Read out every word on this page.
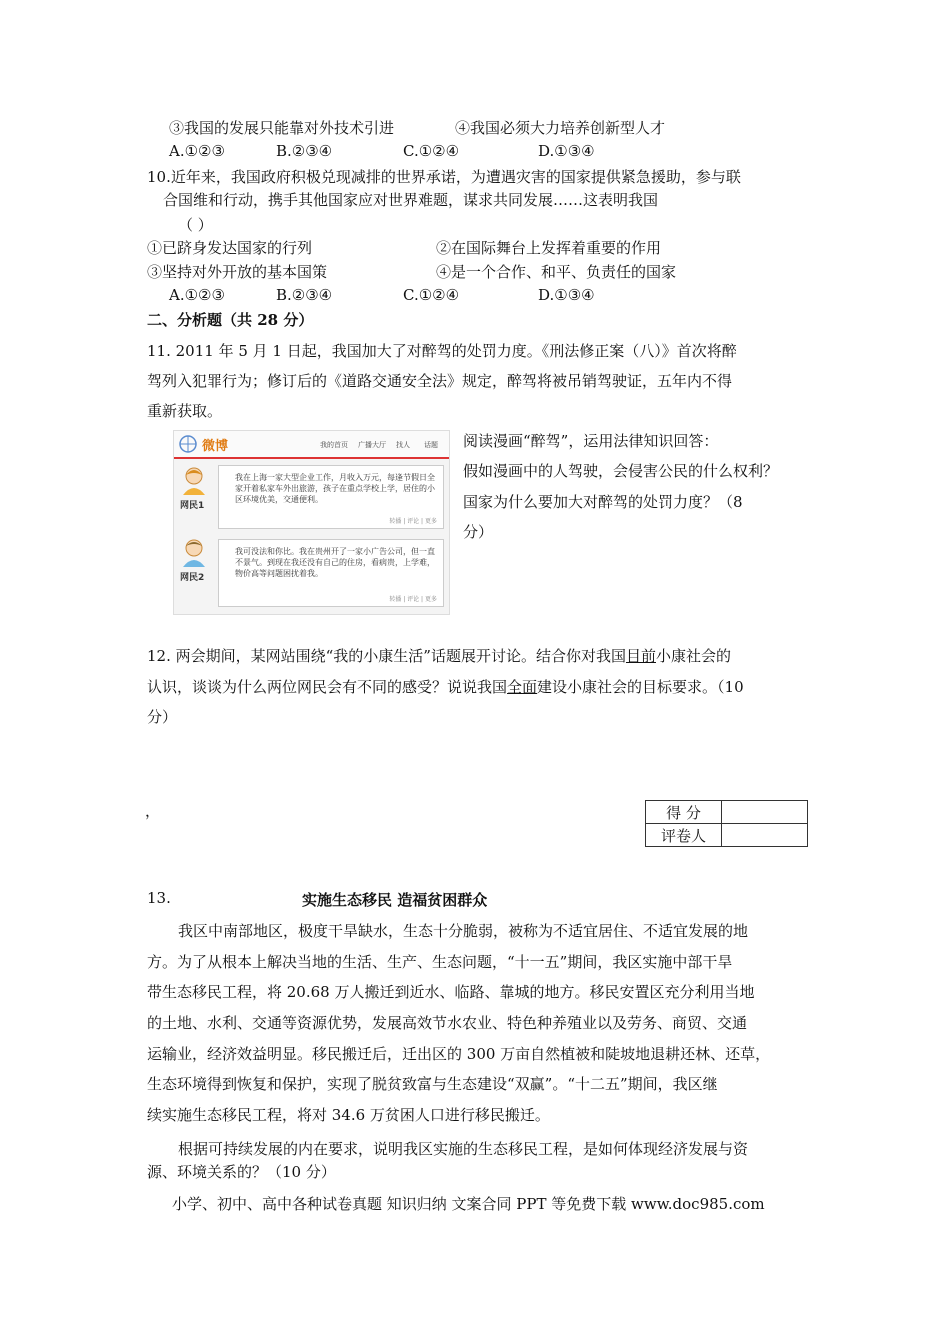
③我国的发展只能靠对外技术引进	④我国必须大力培养创新型人才
A.①②③	B.②③④	C.①②④	D.①③④
10.近年来，我国政府积极兑现减排的世界承诺，为遭遇灾害的国家提供紧急援助，参与联
合国维和行动，携手其他国家应对世界难题，谋求共同发展……这表明我国
（ ）
①已跻身发达国家的行列	②在国际舞台上发挥着重要的作用
③坚持对外开放的基本国策	④是一个合作、和平、负责任的国家
A.①②③	B.②③④	C.①②④	D.①③④
二、分析题（共 28 分）
11. 2011 年 5 月 1 日起，我国加大了对醉驾的处罚力度。《刑法修正案（八）》首次将醉
驾列入犯罪行为；修订后的《道路交通安全法》规定，醉驾将被吊销驾驶证，五年内不得
重新获取。
微博	我的首页 广播大厅 找人 话题
网民1
我在上海一家大型企业工作，月收入万元，每逢节假日全家开着私家车外出旅游，孩子在重点学校上学，居住的小区环境优美，交通便利。
转播 | 评论 | 更多
网民2
我可没法和你比。我在贵州开了一家小广告公司，但一直不景气。到现在我还没有自己的住房，看病贵，上学难，物价高等问题困扰着我。
转播 | 评论 | 更多
阅读漫画“醉驾”，运用法律知识回答：
假如漫画中的人驾驶，会侵害公民的什么权利？
国家为什么要加大对醉驾的处罚力度？（8
分）
12. 两会期间，某网站围绕“我的小康生活”话题展开讨论。结合你对我国目前小康社会的
认识，谈谈为什么两位网民会有不同的感受？说说我国全面建设小康社会的目标要求。（10
分）
，	得 分	
评卷人	
13.	实施生态移民 造福贫困群众
我区中南部地区，极度干旱缺水，生态十分脆弱，被称为不适宜居住、不适宜发展的地
方。为了从根本上解决当地的生活、生产、生态问题，“十一五”期间，我区实施中部干旱
带生态移民工程，将 20.68 万人搬迁到近水、临路、靠城的地方。移民安置区充分利用当地
的土地、水利、交通等资源优势，发展高效节水农业、特色种养殖业以及劳务、商贸、交通
运输业，经济效益明显。移民搬迁后，迁出区的 300 万亩自然植被和陡坡地退耕还林、还草，
生态环境得到恢复和保护，实现了脱贫致富与生态建设“双赢”。“十二五”期间，我区继
续实施生态移民工程，将对 34.6 万贫困人口进行移民搬迁。
根据可持续发展的内在要求，说明我区实施的生态移民工程，是如何体现经济发展与资
源、环境关系的？（10 分）
小学、初中、高中各种试卷真题 知识归纳 文案合同 PPT 等免费下载 www.doc985.com
